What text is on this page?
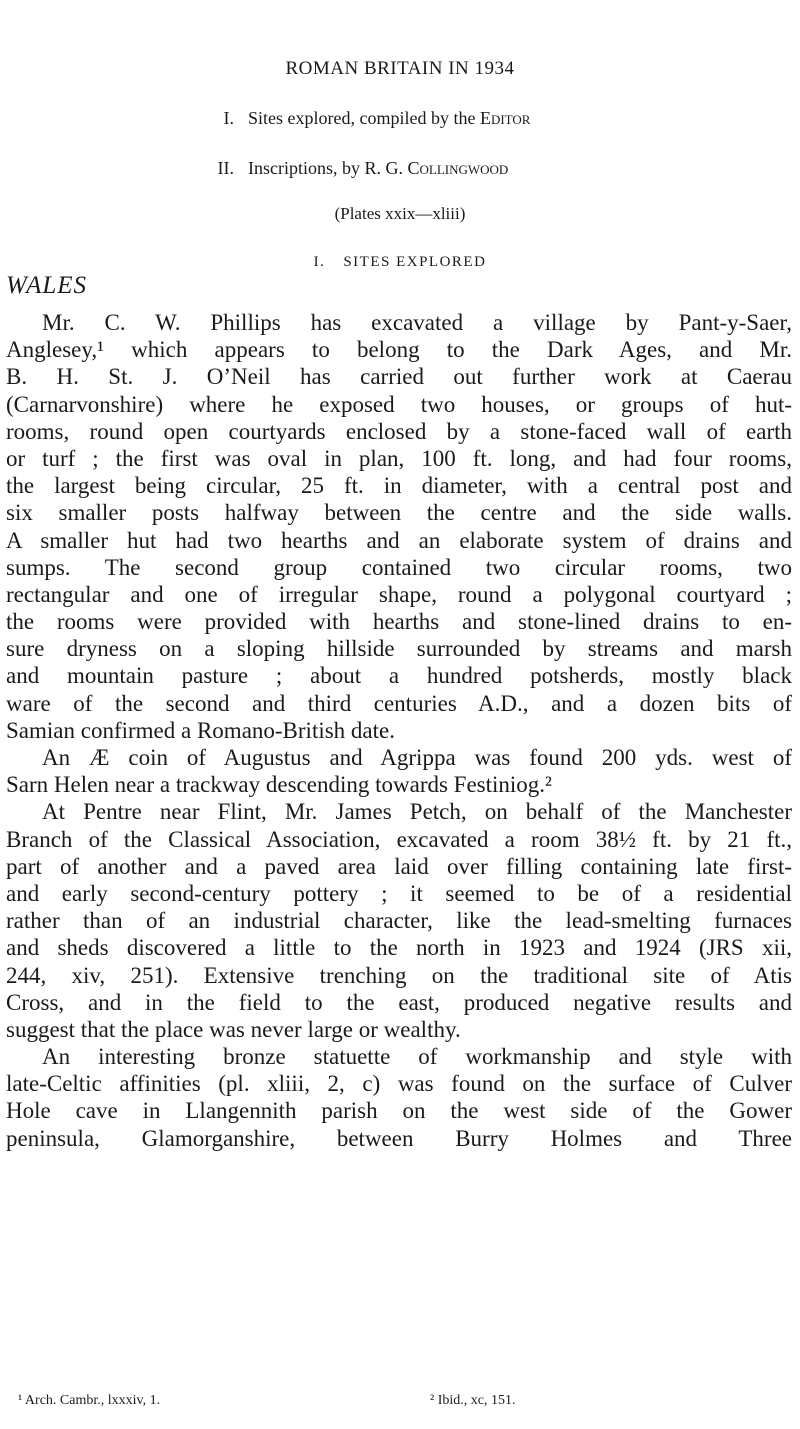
ROMAN BRITAIN IN 1934
I. Sites explored, compiled by the Editor
II. Inscriptions, by R. G. Collingwood
(Plates xxix—xliii)
I. SITES EXPLORED
WALES
Mr. C. W. Phillips has excavated a village by Pant-y-Saer,
Anglesey,¹ which appears to belong to the Dark Ages, and Mr.
B. H. St. J. O’Neil has carried out further work at Caerau
(Carnarvonshire) where he exposed two houses, or groups of hut-
rooms, round open courtyards enclosed by a stone-faced wall of earth
or turf ; the first was oval in plan, 100 ft. long, and had four rooms,
the largest being circular, 25 ft. in diameter, with a central post and
six smaller posts halfway between the centre and the side walls.
A smaller hut had two hearths and an elaborate system of drains and
sumps. The second group contained two circular rooms, two
rectangular and one of irregular shape, round a polygonal courtyard ;
the rooms were provided with hearths and stone-lined drains to en-
sure dryness on a sloping hillside surrounded by streams and marsh
and mountain pasture ; about a hundred potsherds, mostly black
ware of the second and third centuries A.D., and a dozen bits of
Samian confirmed a Romano-British date.
An Æ coin of Augustus and Agrippa was found 200 yds. west of
Sarn Helen near a trackway descending towards Festiniog.²
At Pentre near Flint, Mr. James Petch, on behalf of the Manchester
Branch of the Classical Association, excavated a room 38½ ft. by 21 ft.,
part of another and a paved area laid over filling containing late first-
and early second-century pottery ; it seemed to be of a residential
rather than of an industrial character, like the lead-smelting furnaces
and sheds discovered a little to the north in 1923 and 1924 (JRS xii,
244, xiv, 251). Extensive trenching on the traditional site of Atis
Cross, and in the field to the east, produced negative results and
suggest that the place was never large or wealthy.
An interesting bronze statuette of workmanship and style with
late-Celtic affinities (pl. xliii, 2, c) was found on the surface of Culver
Hole cave in Llangennith parish on the west side of the Gower
peninsula, Glamorganshire, between Burry Holmes and Three
¹ Arch. Cambr., lxxxiv, 1.	² Ibid., xc, 151.
